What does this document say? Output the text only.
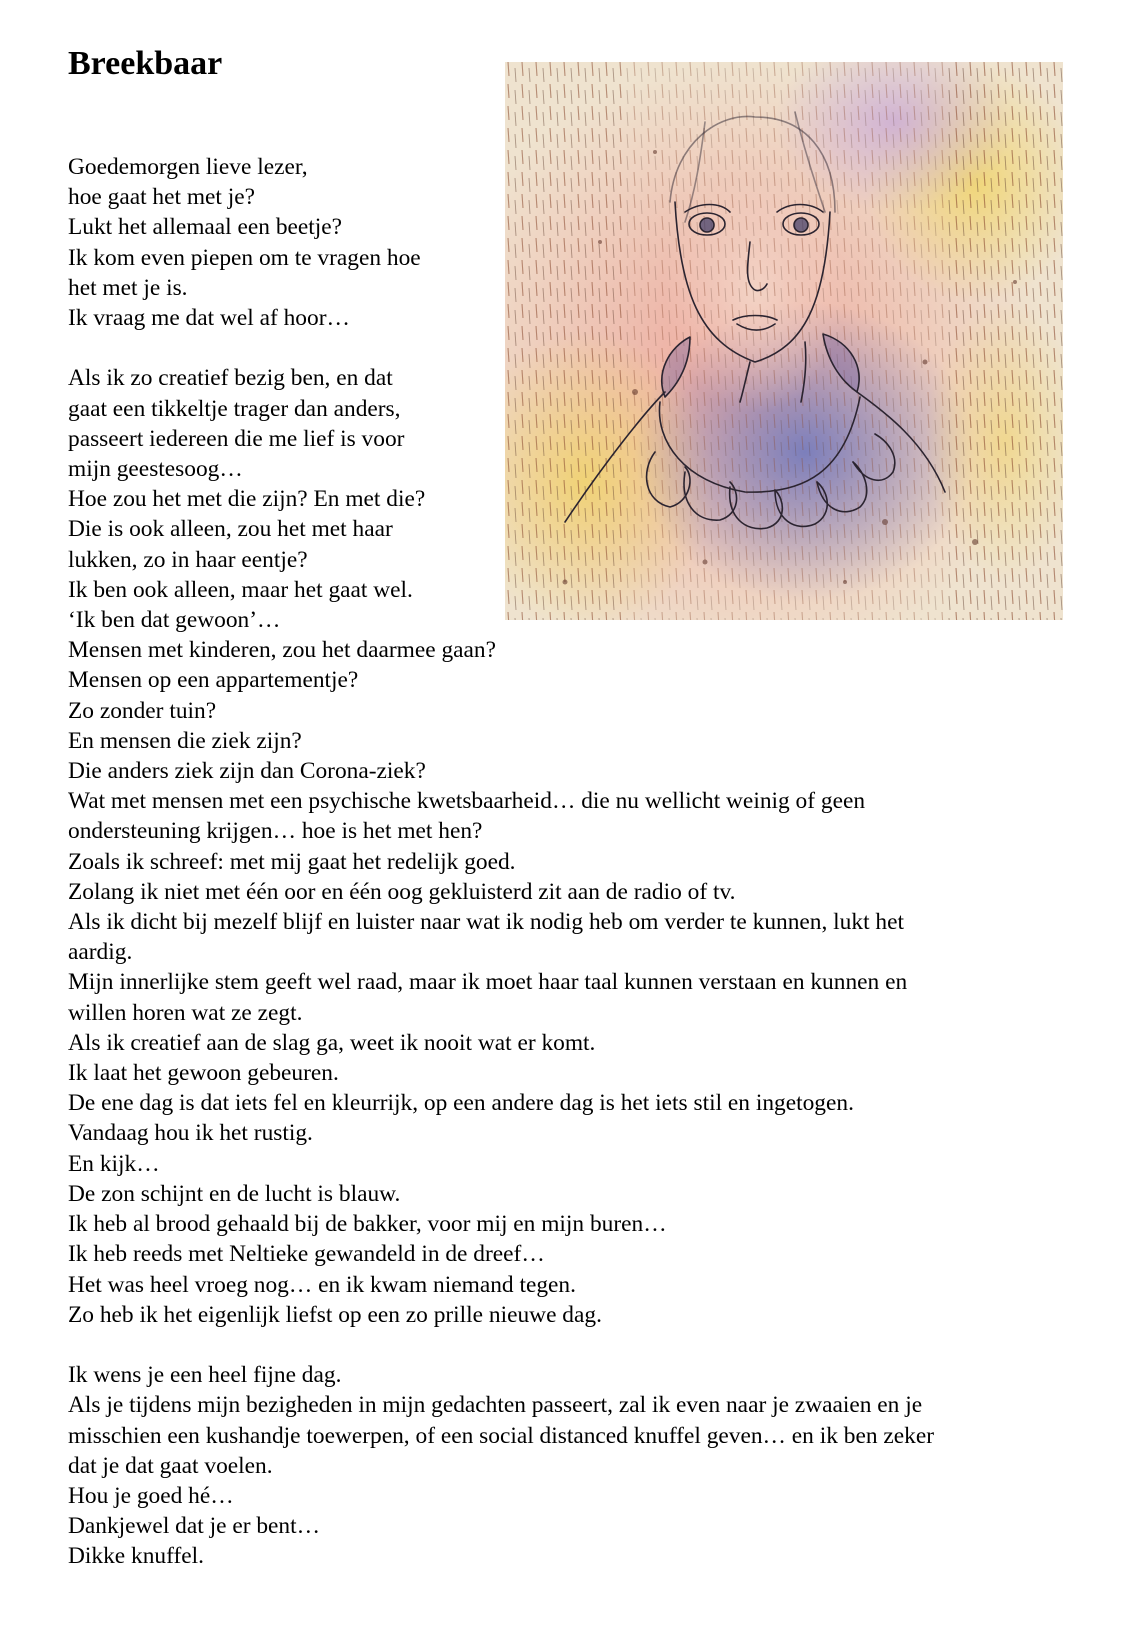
Breekbaar
Goedemorgen lieve lezer,
hoe gaat het met je?
Lukt het allemaal een beetje?
Ik kom even piepen om te vragen hoe
het met je is.
Ik vraag me dat wel af hoor…
Als ik zo creatief bezig ben, en dat
gaat een tikkeltje trager dan anders,
passeert iedereen die me lief is voor
mijn geestesoog…
Hoe zou het met die zijn? En met die?
Die is ook alleen, zou het met haar
lukken, zo in haar eentje?
Ik ben ook alleen, maar het gaat wel.
‘Ik ben dat gewoon’…
Mensen met kinderen, zou het daarmee gaan?
Mensen op een appartementje?
Zo zonder tuin?
En mensen die ziek zijn?
Die anders ziek zijn dan Corona-ziek?
Wat met mensen met een psychische kwetsbaarheid… die nu wellicht weinig of geen
ondersteuning krijgen… hoe is het met hen?
Zoals ik schreef: met mij gaat het redelijk goed.
Zolang ik niet met één oor en één oog gekluisterd zit aan de radio of tv.
Als ik dicht bij mezelf blijf en luister naar wat ik nodig heb om verder te kunnen, lukt het
aardig.
Mijn innerlijke stem geeft wel raad, maar ik moet haar taal kunnen verstaan en kunnen en
willen horen wat ze zegt.
Als ik creatief aan de slag ga, weet ik nooit wat er komt.
Ik laat het gewoon gebeuren.
De ene dag is dat iets fel en kleurrijk, op een andere dag is het iets stil en ingetogen.
Vandaag hou ik het rustig.
En kijk…
De zon schijnt en de lucht is blauw.
Ik heb al brood gehaald bij de bakker, voor mij en mijn buren…
Ik heb reeds met Neltieke gewandeld in de dreef…
Het was heel vroeg nog… en ik kwam niemand tegen.
Zo heb ik het eigenlijk liefst op een zo prille nieuwe dag.
Ik wens je een heel fijne dag.
Als je tijdens mijn bezigheden in mijn gedachten passeert, zal ik even naar je zwaaien en je
misschien een kushandje toewerpen, of een social distanced knuffel geven… en ik ben zeker
dat je dat gaat voelen.
Hou je goed hé…
Dankjewel dat je er bent…
Dikke knuffel.
